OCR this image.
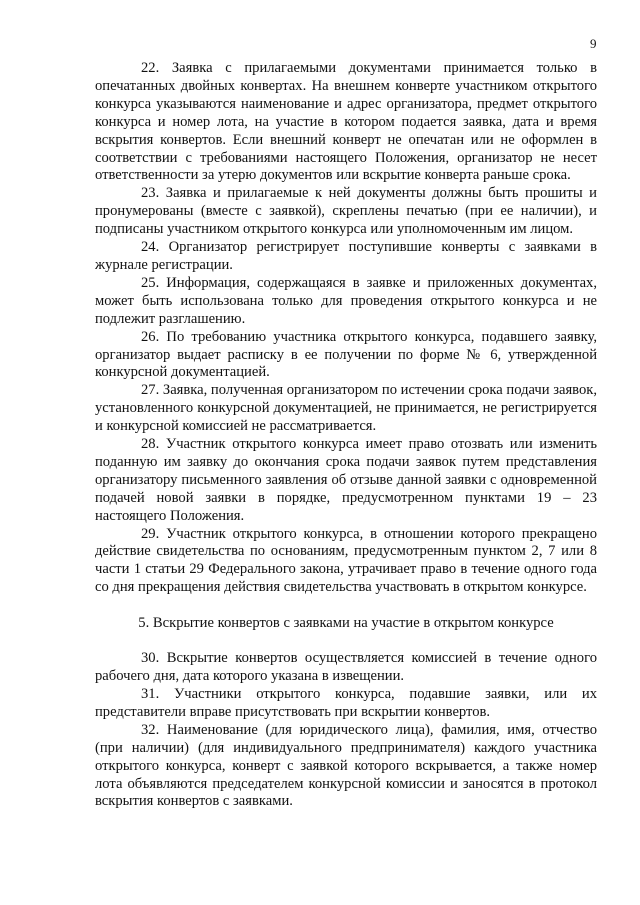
9

22. Заявка с прилагаемыми документами принимается только в опечатанных двойных конвертах. На внешнем конверте участником открытого конкурса указываются наименование и адрес организатора, предмет открытого конкурса и номер лота, на участие в котором подается заявка, дата и время вскрытия конвертов. Если внешний конверт не опечатан или не оформлен в соответствии с требованиями настоящего Положения, организатор не несет ответственности за утерю документов или вскрытие конверта раньше срока.

23. Заявка и прилагаемые к ней документы должны быть прошиты и пронумерованы (вместе с заявкой), скреплены печатью (при ее наличии), и подписаны участником открытого конкурса или уполномоченным им лицом.

24. Организатор регистрирует поступившие конверты с заявками в журнале регистрации.

25. Информация, содержащаяся в заявке и приложенных документах, может быть использована только для проведения открытого конкурса и не подлежит разглашению.

26. По требованию участника открытого конкурса, подавшего заявку, организатор выдает расписку в ее получении по форме № 6, утвержденной конкурсной документацией.

27. Заявка, полученная организатором по истечении срока подачи заявок, установленного конкурсной документацией, не принимается, не регистрируется и конкурсной комиссией не рассматривается.

28. Участник открытого конкурса имеет право отозвать или изменить поданную им заявку до окончания срока подачи заявок путем представления организатору письменного заявления об отзыве данной заявки с одновременной подачей новой заявки в порядке, предусмотренном пунктами 19 – 23 настоящего Положения.

29. Участник открытого конкурса, в отношении которого прекращено действие свидетельства по основаниям, предусмотренным пунктом 2, 7 или 8 части 1 статьи 29 Федерального закона, утрачивает право в течение одного года со дня прекращения действия свидетельства участвовать в открытом конкурсе.

5. Вскрытие конвертов с заявками на участие в открытом конкурсе

30. Вскрытие конвертов осуществляется комиссией в течение одного рабочего дня, дата которого указана в извещении.

31. Участники открытого конкурса, подавшие заявки, или их представители вправе присутствовать при вскрытии конвертов.

32. Наименование (для юридического лица), фамилия, имя, отчество (при наличии) (для индивидуального предпринимателя) каждого участника открытого конкурса, конверт с заявкой которого вскрывается, а также номер лота объявляются председателем конкурсной комиссии и заносятся в протокол вскрытия конвертов с заявками.
